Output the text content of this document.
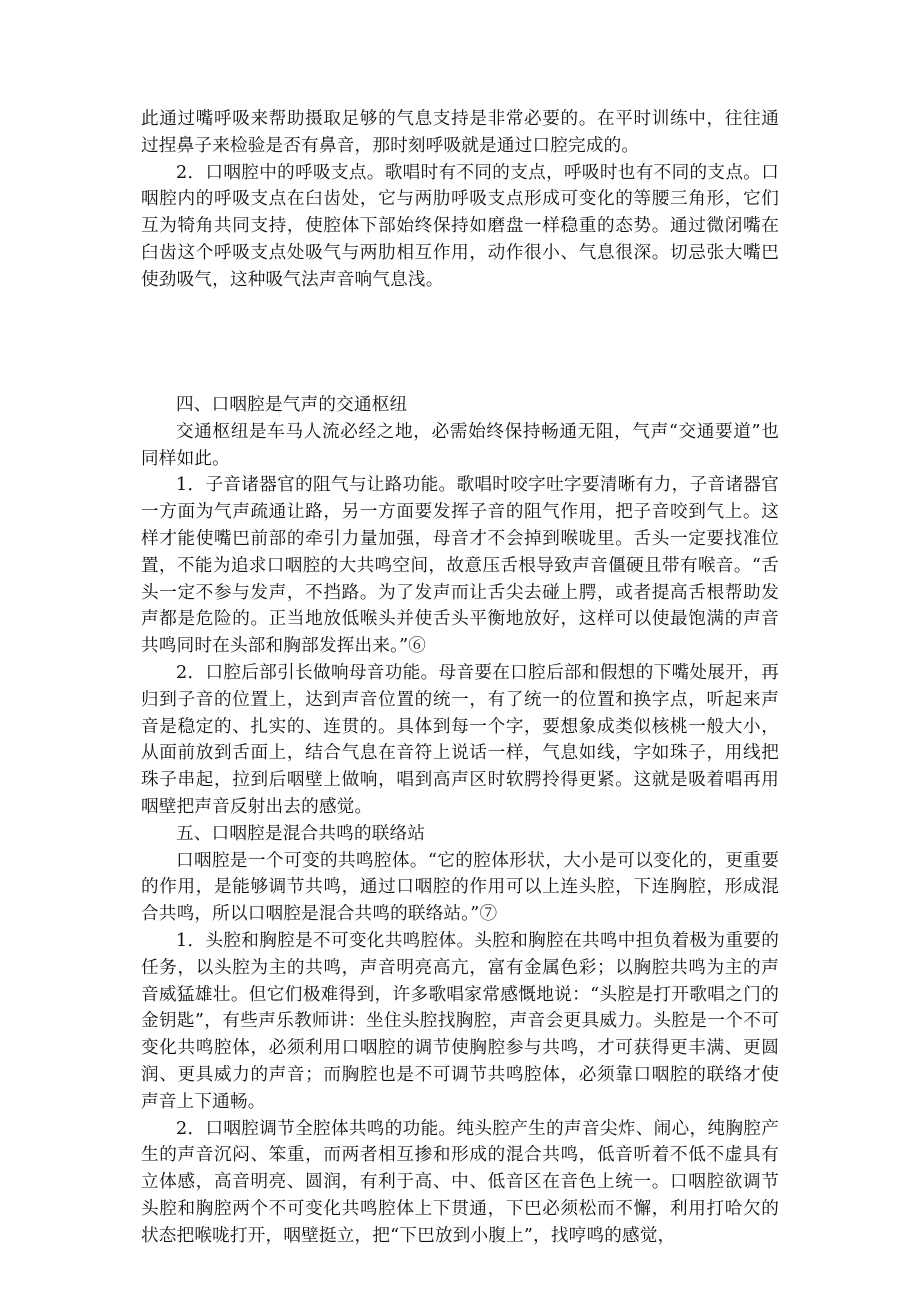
此通过嘴呼吸来帮助摄取足够的气息支持是非常必要的。在平时训练中，往往通过捏鼻子来检验是否有鼻音，那时刻呼吸就是通过口腔完成的。

2．口咽腔中的呼吸支点。歌唱时有不同的支点，呼吸时也有不同的支点。口咽腔内的呼吸支点在臼齿处，它与两肋呼吸支点形成可变化的等腰三角形，它们互为犄角共同支持，使腔体下部始终保持如磨盘一样稳重的态势。通过微闭嘴在臼齿这个呼吸支点处吸气与两肋相互作用，动作很小、气息很深。切忌张大嘴巴使劲吸气，这种吸气法声音响气息浅。

四、口咽腔是气声的交通枢纽

交通枢纽是车马人流必经之地，必需始终保持畅通无阻，气声“交通要道”也同样如此。

1．子音诸器官的阻气与让路功能。歌唱时咬字吐字要清晰有力，子音诸器官一方面为气声疏通让路，另一方面要发挥子音的阻气作用，把子音咬到气上。这样才能使嘴巴前部的牵引力量加强，母音才不会掉到喉咙里。舌头一定要找准位置，不能为追求口咽腔的大共鸣空间，故意压舌根导致声音僵硬且带有喉音。“舌头一定不参与发声，不挡路。为了发声而让舌尖去碰上腭，或者提高舌根帮助发声都是危险的。正当地放低喉头并使舌头平衡地放好，这样可以使最饱满的声音共鸣同时在头部和胸部发挥出来。”⑥

2．口腔后部引长做响母音功能。母音要在口腔后部和假想的下嘴处展开，再归到子音的位置上，达到声音位置的统一，有了统一的位置和换字点，听起来声音是稳定的、扎实的、连贯的。具体到每一个字，要想象成类似核桃一般大小，从面前放到舌面上，结合气息在音符上说话一样，气息如线，字如珠子，用线把珠子串起，拉到后咽壁上做响，唱到高声区时软腭拎得更紧。这就是吸着唱再用咽壁把声音反射出去的感觉。

五、口咽腔是混合共鸣的联络站

口咽腔是一个可变的共鸣腔体。“它的腔体形状，大小是可以变化的，更重要的作用，是能够调节共鸣，通过口咽腔的作用可以上连头腔，下连胸腔，形成混合共鸣，所以口咽腔是混合共鸣的联络站。”⑦

1．头腔和胸腔是不可变化共鸣腔体。头腔和胸腔在共鸣中担负着极为重要的任务，以头腔为主的共鸣，声音明亮高亢，富有金属色彩；以胸腔共鸣为主的声音威猛雄壮。但它们极难得到，许多歌唱家常感慨地说：“头腔是打开歌唱之门的金钥匙”，有些声乐教师讲：坐住头腔找胸腔，声音会更具威力。头腔是一个不可变化共鸣腔体，必须利用口咽腔的调节使胸腔参与共鸣，才可获得更丰满、更圆润、更具威力的声音；而胸腔也是不可调节共鸣腔体，必须靠口咽腔的联络才使声音上下通畅。

2．口咽腔调节全腔体共鸣的功能。纯头腔产生的声音尖炸、闹心，纯胸腔产生的声音沉闷、笨重，而两者相互掺和形成的混合共鸣，低音听着不低不虚具有立体感，高音明亮、圆润，有利于高、中、低音区在音色上统一。口咽腔欲调节头腔和胸腔两个不可变化共鸣腔体上下贯通，下巴必须松而不懈，利用打哈欠的状态把喉咙打开，咽壁挺立，把“下巴放到小腹上”，找哼鸣的感觉，
